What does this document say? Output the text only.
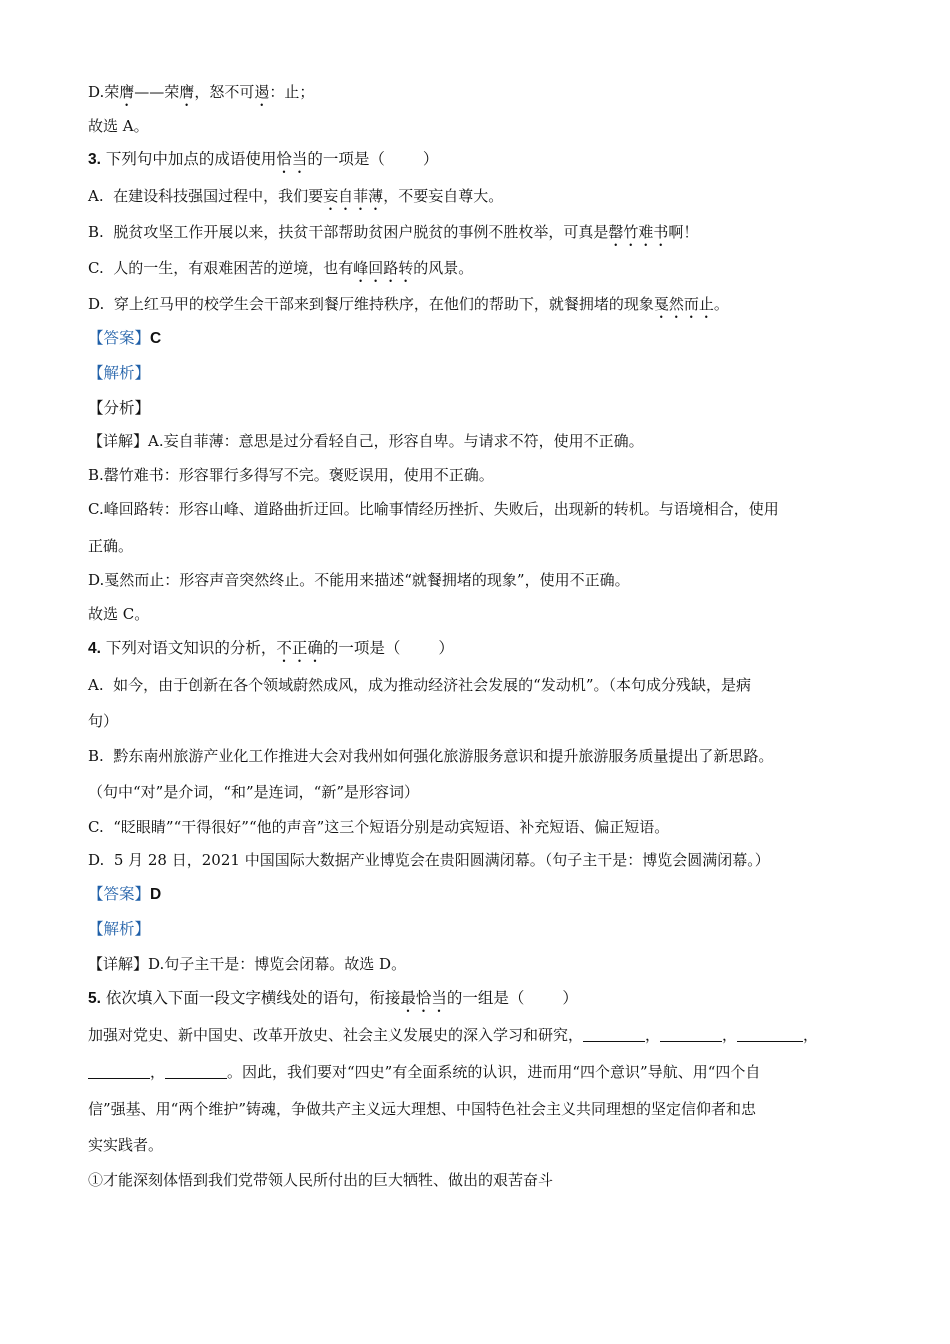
D.荣膺——荣膺，怒不可遏：止；
故选 A。
3. 下列句中加点的成语使用恰当的一项是（ ）
A. 在建设科技强国过程中，我们要妄自菲薄，不要妄自尊大。
B. 脱贫攻坚工作开展以来，扶贫干部帮助贫困户脱贫的事例不胜枚举，可真是罄竹难书啊！
C. 人的一生，有艰难困苦的逆境，也有峰回路转的风景。
D. 穿上红马甲的校学生会干部来到餐厅维持秩序，在他们的帮助下，就餐拥堵的现象戛然而止。
【答案】C
【解析】
【分析】
【详解】A.妄自菲薄：意思是过分看轻自己，形容自卑。与请求不符，使用不正确。
B.罄竹难书：形容罪行多得写不完。褒贬误用，使用不正确。
C.峰回路转：形容山峰、道路曲折迂回。比喻事情经历挫折、失败后，出现新的转机。与语境相合，使用
正确。
D.戛然而止：形容声音突然终止。不能用来描述“就餐拥堵的现象”，使用不正确。
故选 C。
4. 下列对语文知识的分析，不正确的一项是（ ）
A. 如今，由于创新在各个领域蔚然成风，成为推动经济社会发展的“发动机”。（本句成分残缺，是病
句）
B. 黔东南州旅游产业化工作推进大会对我州如何强化旅游服务意识和提升旅游服务质量提出了新思路。
（句中“对”是介词，“和”是连词，“新”是形容词）
C. “眨眼睛”“干得很好”“他的声音”这三个短语分别是动宾短语、补充短语、偏正短语。
D. 5 月 28 日，2021 中国国际大数据产业博览会在贵阳圆满闭幕。（句子主干是：博览会圆满闭幕。）
【答案】D
【解析】
【详解】D.句子主干是：博览会闭幕。故选 D。
5. 依次填入下面一段文字横线处的语句，衔接最恰当的一组是（ ）
加强对党史、新中国史、改革开放史、社会主义发展史的深入学习和研究，	，	，	，
，	。因此，我们要对“四史”有全面系统的认识，进而用“四个意识”导航、用“四个自
信”强基、用“两个维护”铸魂，争做共产主义远大理想、中国特色社会主义共同理想的坚定信仰者和忠
实实践者。
①才能深刻体悟到我们党带领人民所付出的巨大牺牲、做出的艰苦奋斗
